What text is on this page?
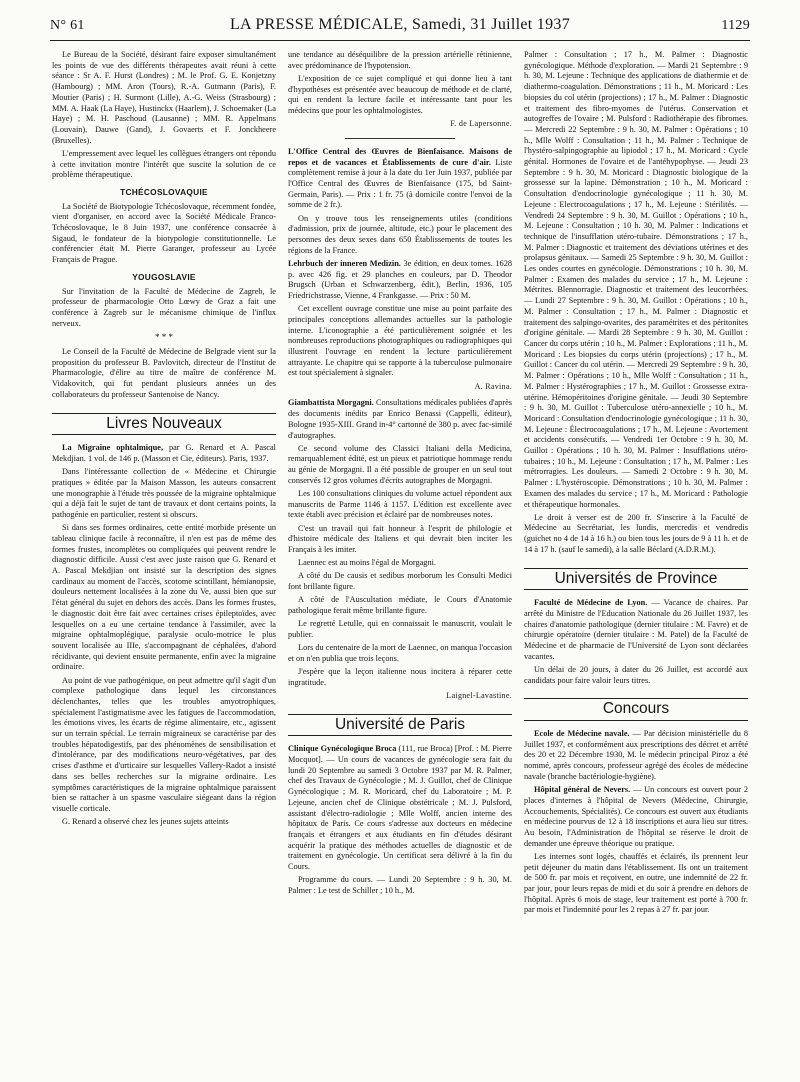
N° 61	LA PRESSE MÉDICALE, Samedi, 31 Juillet 1937	1129

Le Bureau de la Société, désirant faire exposer simultanément les points de vue des différents thérapeutes avait réuni à cette séance : Sr A. F. Hurst (Londres) ; M. le Prof. G. E. Konjetzny (Hambourg) ; MM. Aron (Tours), R.-A. Gutmann (Paris), F. Moutier (Paris) ; H. Surmont (Lille), A.-G. Weiss (Strasbourg) ; MM. A. Haak (La Haye), Hustinckx (Haarlem), J. Schoemaker (La Haye) ; M. H. Paschoud (Lausanne) ; MM. R. Appelmans (Louvain), Dauwe (Gand), J. Govaerts et F. Jonckheere (Bruxelles).

L'empressement avec lequel les collègues étrangers ont répondu à cette invitation montre l'intérêt que suscite la solution de ce problème thérapeutique.

TCHÉCOSLOVAQUIE

La Société de Biotypologie Tchécoslovaque, récemment fondée, vient d'organiser, en accord avec la Société Médicale Franco-Tchécoslovaque, le 8 Juin 1937, une conférence consacrée à Sigaud, le fondateur de la biotypologie constitutionnelle. Le conférencier était M. Pierre Garanger, professeur au Lycée Français de Prague.

YOUGOSLAVIE

Sur l'invitation de la Faculté de Médecine de Zagreb, le professeur de pharmacologie Otto Lœwy de Graz a fait une conférence à Zagreb sur le mécanisme chimique de l'influx nerveux.

* * *

Le Conseil de la Faculté de Médecine de Belgrade vient sur la proposition du professeur B. Pavlovitch, directeur de l'Institut de Pharmacologie, d'élire au titre de maître de conférence M. Vidakovitch, qui fut pendant plusieurs années un des collaborateurs du professeur Santenoise de Nancy.

Livres Nouveaux

La Migraine ophtalmique, par G. Renard et A. Pascal Mekdjian. 1 vol. de 146 p. (Masson et Cie, éditeurs). Paris, 1937.

Dans l'intéressante collection de « Médecine et Chirurgie pratiques » éditée par la Maison Masson, les auteurs consacrent une monographie à l'étude très poussée de la migraine ophtalmique qui a déjà fait le sujet de tant de travaux et dont certains points, la pathogénie en particulier, restent si obscurs.

Si dans ses formes ordinaires, cette entité morbide présente un tableau clinique facile à reconnaître, il n'en est pas de même des formes frustes, incomplètes ou compliquées qui peuvent rendre le diagnostic difficile. Aussi c'est avec juste raison que G. Renard et A. Pascal Mekdjian ont insisté sur la description des signes cardinaux au moment de l'accès, scotome scintillant, hémianopsie, douleurs nettement localisées à la zone du Ve, aussi bien que sur l'état général du sujet en dehors des accès. Dans les formes frustes, le diagnostic doit être fait avec certaines crises épileptoïdes, avec lesquelles on a eu une certaine tendance à l'assimiler, avec la migraine ophtalmoplégique, paralysie oculo-motrice le plus souvent localisée au IIIe, s'accompagnant de céphalées, d'abord récidivante, qui devient ensuite permanente, enfin avec la migraine ordinaire.

Au point de vue pathogénique, on peut admettre qu'il s'agit d'un complexe pathologique dans lequel les circonstances déclenchantes, telles que les troubles amyotrophiques, spécialement l'astigmatisme avec les fatigues de l'accommodation, les émotions vives, les écarts de régime alimentaire, etc., agissent sur un terrain spécial. Le terrain migraineux se caractérise par des troubles hépatodigestifs, par des phénomènes de sensibilisation et d'intolérance, par des modifications neuro-végétatives, par des crises d'asthme et d'urticaire sur lesquelles Vallery-Radot a insisté dans ses belles recherches sur la migraine ordinaire. Les symptômes caractéristiques de la migraine ophtalmique paraissent bien se rattacher à un spasme vasculaire siégeant dans la région visuelle corticale.

G. Renard a observé chez les jeunes sujets atteints

une tendance au déséquilibre de la pression artérielle rétinienne, avec prédominance de l'hypotension.

L'exposition de ce sujet compliqué et qui donne lieu à tant d'hypothèses est présentée avec beaucoup de méthode et de clarté, qui en rendent la lecture facile et intéressante tant pour les médecins que pour les ophtalmologistes.

F. de Lapersonne.

L'Office Central des Œuvres de Bienfaisance. Maisons de repos et de vacances et Établissements de cure d'air. Liste complètement remise à jour à la date du 1er Juin 1937, publiée par l'Office Central des Œuvres de Bienfaisance (175, bd Saint-Germain, Paris). — Prix : 1 fr. 75 (à domicile contre l'envoi de la somme de 2 fr.).

On y trouve tous les renseignements utiles (conditions d'admission, prix de journée, altitude, etc.) pour le placement des personnes des deux sexes dans 650 Établissements de toutes les régions de la France.

Lehrbuch der inneren Medizin. 3e édition, en deux tomes. 1628 p. avec 426 fig. et 29 planches en couleurs, par D. Theodor Brugsch (Urban et Schwarzenberg, édit.), Berlin, 1936, 105 Friedrichstrasse, Vienne, 4 Frankgasse. — Prix : 50 M.

Cet excellent ouvrage constitue une mise au point parfaite des principales conceptions allemandes actuelles sur la pathologie interne. L'iconographie a été particulièrement soignée et les nombreuses reproductions photographiques ou radiographiques qui illustrent l'ouvrage en rendent la lecture particulièrement attrayante. Le chapitre qui se rapporte à la tuberculose pulmonaire est tout spécialement à signaler.

A. Ravina.

Giambattista Morgagni. Consultations médicales publiées d'après des documents inédits par Enrico Benassi (Cappelli, éditeur), Bologne 1935-XIII. Grand in-4° cartonné de 380 p. avec fac-similé d'autographes.

Ce second volume des Classici Italiani della Medicina, remarquablement édité, est un pieux et patriotique hommage rendu au génie de Morgagni. Il a été possible de grouper en un seul tout conservés 12 gros volumes d'écrits autographes de Morgagni.

Les 100 consultations cliniques du volume actuel répondent aux manuscrits de Parme 1146 à 1157. L'édition est excellente avec texte établi avec précision et éclairé par de nombreuses notes.

C'est un travail qui fait honneur à l'esprit de philologie et d'histoire médicale des Italiens et qui devrait bien inciter les Français à les imiter.

Laennec est au moins l'égal de Morgagni.

A côté du De causis et sedibus morborum les Consulti Medici font brillante figure.

A côté de l'Auscultation médiate, le Cours d'Anatomie pathologique ferait même brillante figure.

Le regretté Letulle, qui en connaissait le manuscrit, voulait le publier.

Lors du centenaire de la mort de Laennec, on manqua l'occasion et on n'en publia que trois leçons.

J'espère que la leçon italienne nous incitera à réparer cette ingratitude.

Laignel-Lavastine.
Université de Paris

Clinique Gynécologique Broca (111, rue Broca) [Prof. : M. Pierre Mocquot]. — Un cours de vacances de gynécologie sera fait du lundi 20 Septembre au samedi 3 Octobre 1937 par M. R. Palmer, chef des Travaux de Gynécologie ; M. J. Guillot, chef de Clinique Gynécologique ; M. R. Moricard, chef du Laboratoire ; M. P. Lejeune, ancien chef de Clinique obstétricale ; M. J. Pulsford, assistant d'électro-radiologie ; Mlle Wolff, ancien interne des hôpitaux de Paris. Ce cours s'adresse aux docteurs en médecine français et étrangers et aux étudiants en fin d'études désirant acquérir la pratique des méthodes actuelles de diagnostic et de traitement en gynécologie. Un certificat sera délivré à la fin du Cours.

Programme du cours. — Lundi 20 Septembre : 9 h. 30, M. Palmer : Le test de Schiller ; 10 h., M.

Palmer : Consultation ; 17 h., M. Palmer : Diagnostic gynécologique. Méthode d'exploration. — Mardi 21 Septembre : 9 h. 30, M. Lejeune : Technique des applications de diathermie et de diathermo-coagulation. Démonstrations ; 11 h., M. Moricard : Les biopsies du col utérin (projections) ; 17 h., M. Palmer : Diagnostic et traitement des fibro-myomes de l'utérus. Conservation et autogreffes de l'ovaire ; M. Pulsford : Radiothérapie des fibromes. — Mercredi 22 Septembre : 9 h. 30, M. Palmer : Opérations ; 10 h., Mlle Wolff : Consultation ; 11 h., M. Palmer : Technique de l'hystéro-salpingographie au lipiodol ; 17 h., M. Moricard : Cycle génital. Hormones de l'ovaire et de l'antéhypophyse. — Jeudi 23 Septembre : 9 h. 30, M. Moricard : Diagnostic biologique de la grossesse sur la lapine. Démonstration ; 10 h., M. Moricard : Consultation d'endocrinologie gynécologique ; 11 h. 30, M. Lejeune : Electrocoagulations ; 17 h., M. Lejeune : Stérilités. — Vendredi 24 Septembre : 9 h. 30, M. Guillot : Opérations ; 10 h., M. Lejeune : Consultation ; 10 h. 30, M. Palmer : Indications et technique de l'insufflation utéro-tubaire. Démonstrations ; 17 h., M. Palmer : Diagnostic et traitement des déviations utérines et des prolapsus génitaux. — Samedi 25 Septembre : 9 h. 30, M. Guillot : Les ondes courtes en gynécologie. Démonstrations ; 10 h. 30, M. Palmer : Examen des malades du service ; 17 h., M. Lejeune : Métrites. Blennorragie. Diagnostic et traitement des leucorrhées. — Lundi 27 Septembre : 9 h. 30, M. Guillot : Opérations ; 10 h., M. Palmer : Consultation ; 17 h., M. Palmer : Diagnostic et traitement des salpingo-ovarites, des paramétrites et des péritonites d'origine génitale. — Mardi 28 Septembre : 9 h. 30, M. Guillot : Cancer du corps utérin ; 10 h., M. Palmer : Explorations ; 11 h., M. Moricard : Les biopsies du corps utérin (projections) ; 17 h., M. Guillot : Cancer du col utérin. — Mercredi 29 Septembre : 9 h. 30, M. Palmer : Opérations ; 10 h., Mlle Wolff : Consultation ; 11 h., M. Palmer : Hystérographies ; 17 h., M. Guillot : Grossesse extra-utérine. Hémopéritoines d'origine génitale. — Jeudi 30 Septembre : 9 h. 30, M. Guillot : Tuberculose utéro-annexielle ; 10 h., M. Moricard : Consultation d'endocrinologie gynécologique ; 11 h. 30, M. Lejeune : Électrocoagulations ; 17 h., M. Lejeune : Avortement et accidents consécutifs. — Vendredi 1er Octobre : 9 h. 30, M. Guillot : Opérations ; 10 h. 30, M. Palmer : Insufflations utéro-tubaires ; 10 h., M. Lejeune : Consultation ; 17 h., M. Palmer : Les métrorragies. Les douleurs. — Samedi 2 Octobre : 9 h. 30, M. Palmer : L'hystéroscopie. Démonstrations ; 10 h. 30, M. Palmer : Examen des malades du service ; 17 h., M. Moricard : Pathologie et thérapeutique hormonales.

Le droit à verser est de 200 fr. S'inscrire à la Faculté de Médecine au Secrétariat, les lundis, mercredis et vendredis (guichet no 4 de 14 à 16 h.) ou bien tous les jours de 9 à 11 h. et de 14 à 17 h. (sauf le samedi), à la salle Béclard (A.D.R.M.).

Universités de Province

Faculté de Médecine de Lyon. — Vacance de chaires. Par arrêté du Ministre de l'Education Nationale du 26 Juillet 1937, les chaires d'anatomie pathologique (dernier titulaire : M. Favre) et de chirurgie opératoire (dernier titulaire : M. Patel) de la Faculté de Médecine et de pharmacie de l'Université de Lyon sont déclarées vacantes.

Un délai de 20 jours, à dater du 26 Juillet, est accordé aux candidats pour faire valoir leurs titres.

Concours

Ecole de Médecine navale. — Par décision ministérielle du 8 Juillet 1937, et conformément aux prescriptions des décret et arrêté des 20 et 22 Décembre 1930, M. le médecin principal Piroz a été nommé, après concours, professeur agrégé des écoles de médecine navale (branche bactériologie-hygiène).

Hôpital général de Nevers. — Un concours est ouvert pour 2 places d'internes à l'hôpital de Nevers (Médecine, Chirurgie, Accouchements, Spécialités). Ce concours est ouvert aux étudiants en médecine pourvus de 12 à 18 inscriptions et aura lieu sur titres. Au besoin, l'Administration de l'hôpital se réserve le droit de demander une épreuve théorique ou pratique.

Les internes sont logés, chauffés et éclairés, ils prennent leur petit déjeuner du matin dans l'établissement. Ils ont un traitement de 500 fr. par mois et reçoivent, en outre, une indemnité de 22 fr. par jour, pour leurs repas de midi et du soir à prendre en dehors de l'hôpital. Après 6 mois de stage, leur traitement est porté à 700 fr. par mois et l'indemnité pour les 2 repas à 27 fr. par jour.
